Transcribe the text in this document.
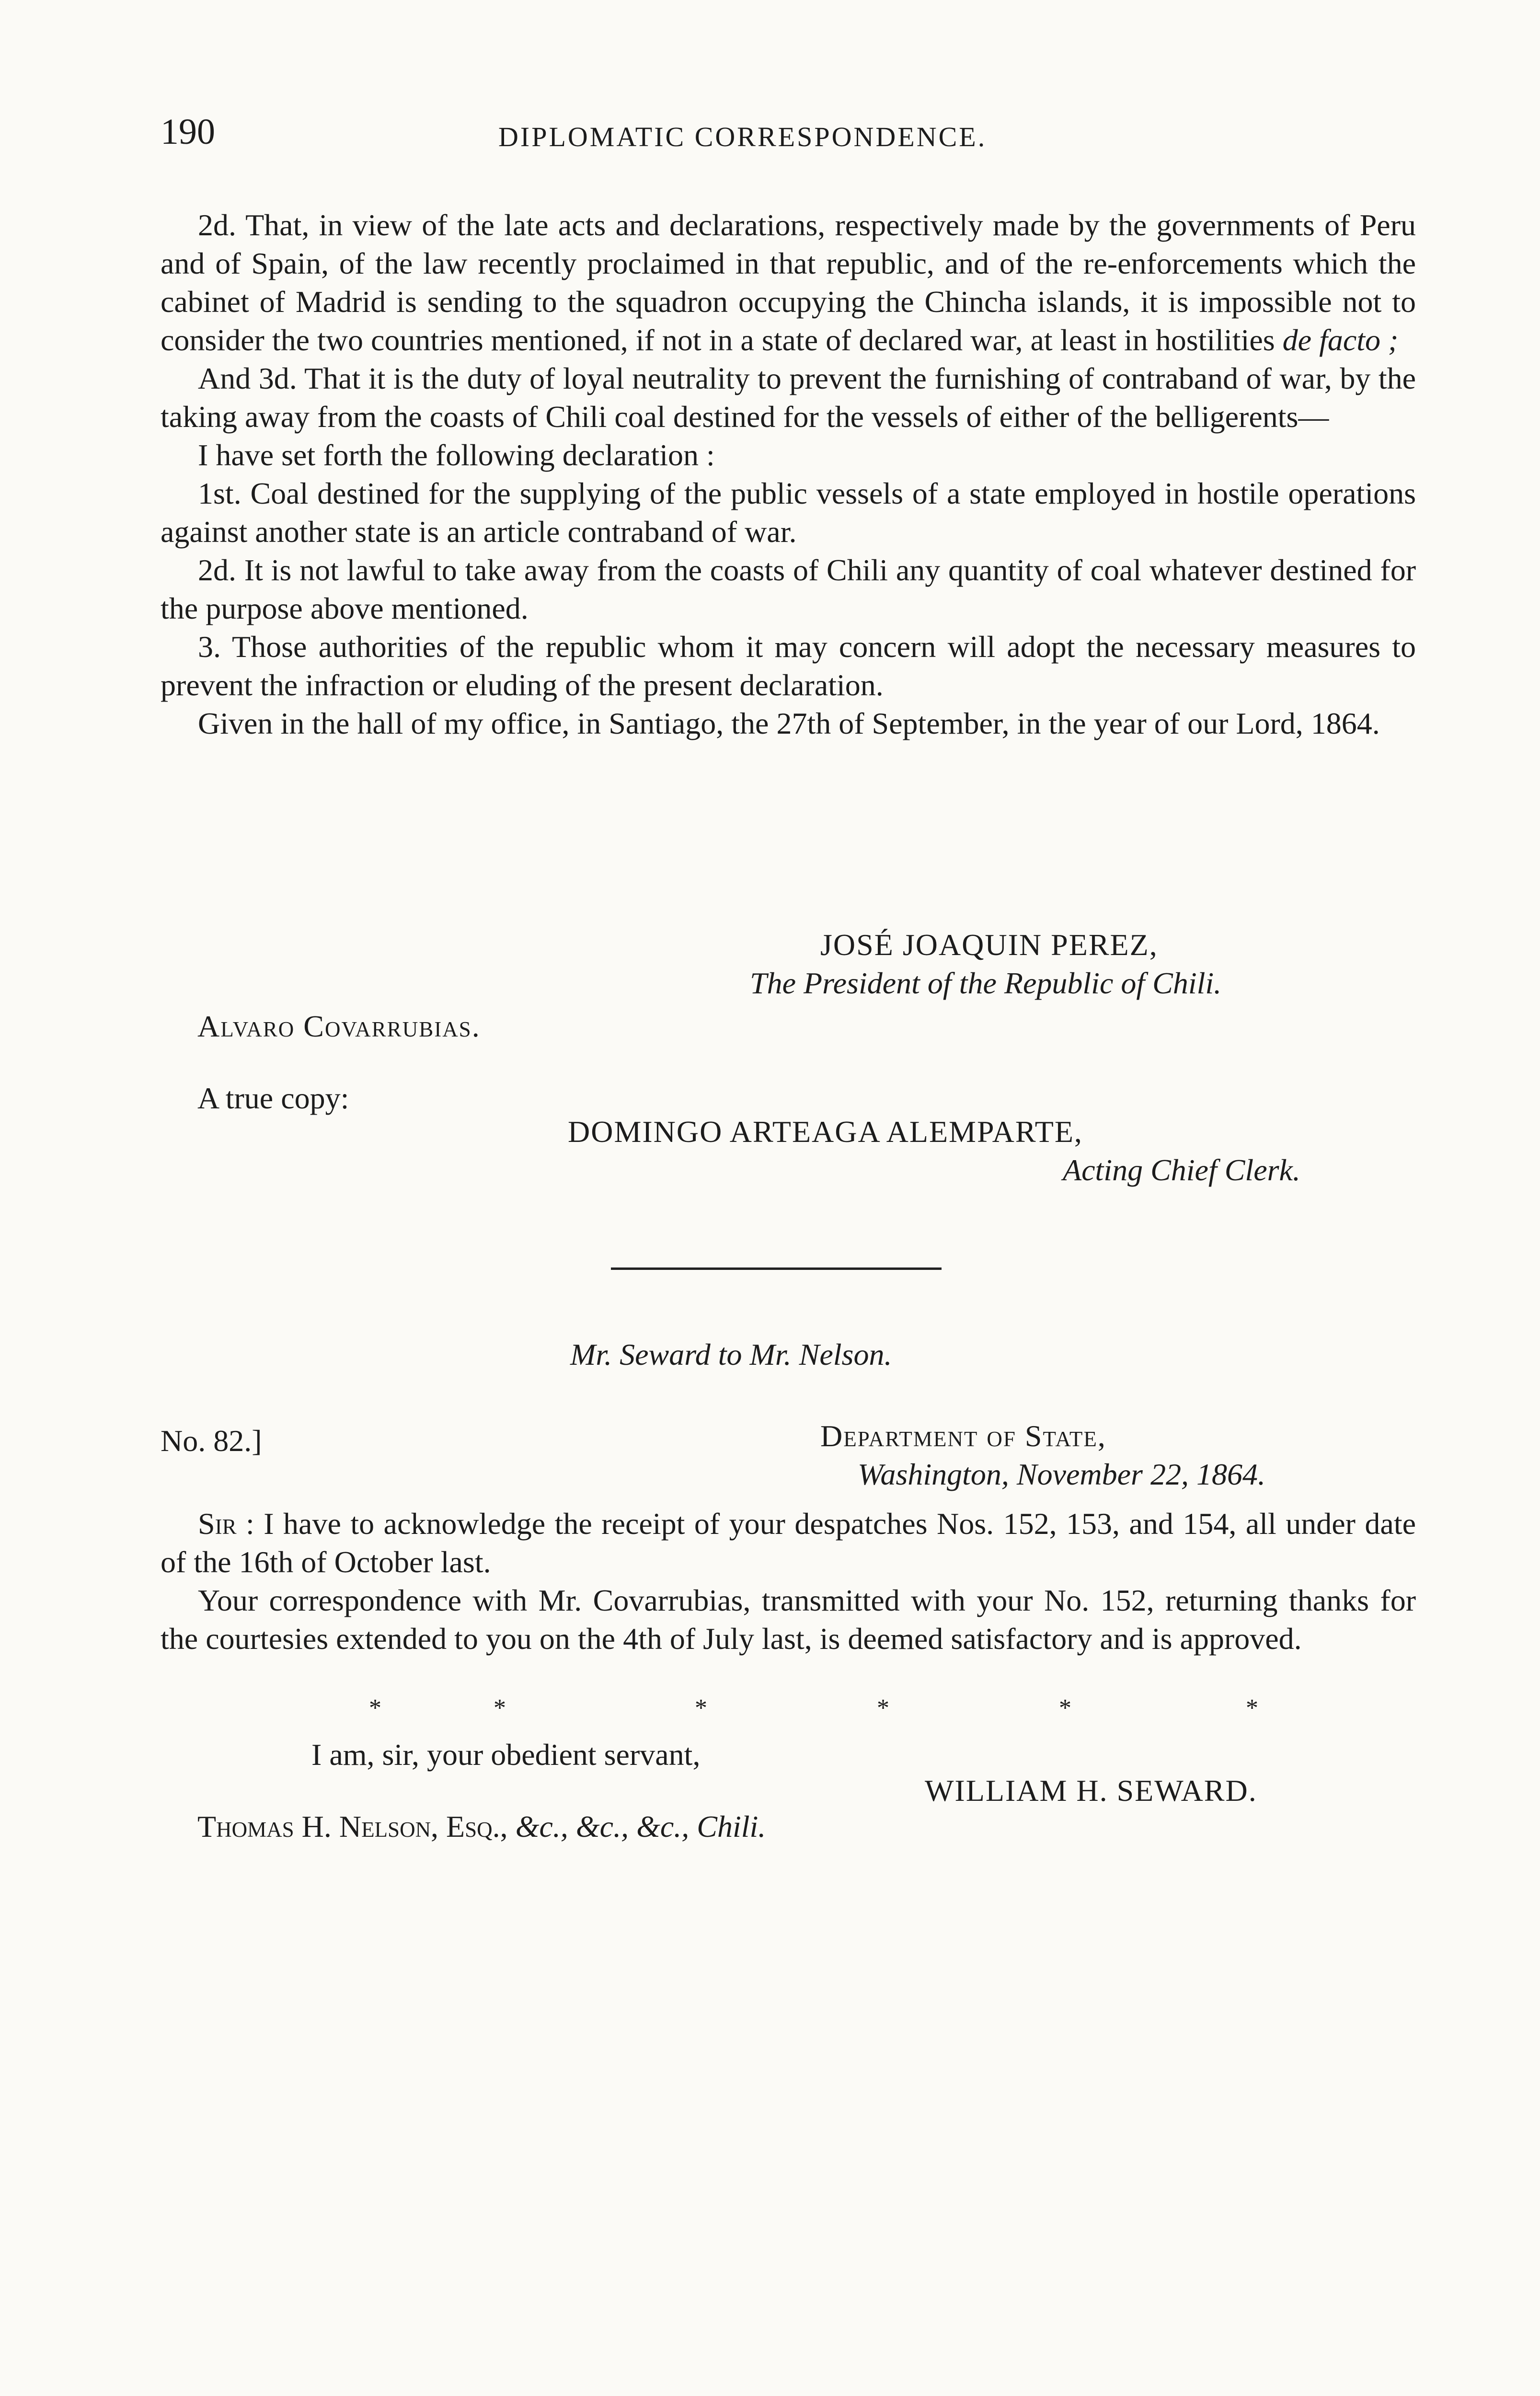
190	DIPLOMATIC CORRESPONDENCE.

2d. That, in view of the late acts and declarations, respectively made by the governments of Peru and of Spain, of the law recently proclaimed in that republic, and of the re-enforcements which the cabinet of Madrid is sending to the squadron occupying the Chincha islands, it is impossible not to consider the two countries mentioned, if not in a state of declared war, at least in hostilities de facto ;

And 3d. That it is the duty of loyal neutrality to prevent the furnishing of contraband of war, by the taking away from the coasts of Chili coal destined for the vessels of either of the belligerents—

I have set forth the following declaration :

1st. Coal destined for the supplying of the public vessels of a state employed in hostile operations against another state is an article contraband of war.

2d. It is not lawful to take away from the coasts of Chili any quantity of coal whatever destined for the purpose above mentioned.

3. Those authorities of the republic whom it may concern will adopt the necessary measures to prevent the infraction or eluding of the present declaration.

Given in the hall of my office, in Santiago, the 27th of September, in the year of our Lord, 1864.

JOSÉ JOAQUIN PEREZ,
The President of the Republic of Chili.
Alvaro Covarrubias.
A true copy:
DOMINGO ARTEAGA ALEMPARTE,
Acting Chief Clerk.
Mr. Seward to Mr. Nelson.
No. 82.]	Department of State,
Washington, November 22, 1864.

Sir : I have to acknowledge the receipt of your despatches Nos. 152, 153, and 154, all under date of the 16th of October last.

Your correspondence with Mr. Covarrubias, transmitted with your No. 152, returning thanks for the courtesies extended to you on the 4th of July last, is deemed satisfactory and is approved.

*	*	*	*	*	*
I am, sir, your obedient servant,
WILLIAM H. SEWARD.
Thomas H. Nelson, Esq., &c., &c., &c., Chili.
